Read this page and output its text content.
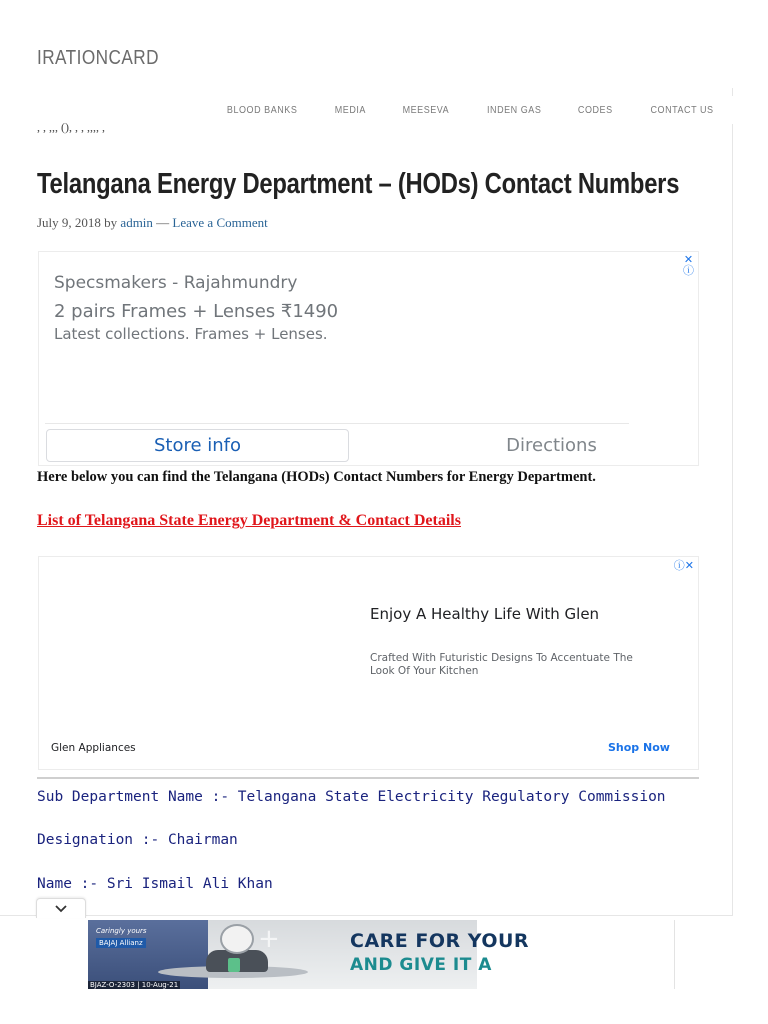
IRATIONCARD
BLOOD BANKS	MEDIA	MEESEVA	INDEN GAS	CODES	CONTACT US
, , ,,, (), , , ,,,, ,
Telangana Energy Department – (HODs) Contact Numbers
July 9, 2018 by admin — Leave a Comment
✕
ⓘ
Specsmakers - Rajahmundry
2 pairs Frames + Lenses ₹1490
Latest collections. Frames + Lenses.
Store info	Directions

Here below you can find the Telangana (HODs) Contact Numbers for Energy Department.

List of Telangana State Energy Department & Contact Details
ⓘ✕
Enjoy A Healthy Life With Glen
Crafted With Futuristic Designs To Accentuate The Look Of Your Kitchen
Glen Appliances	Shop Now
Sub Department Name :- Telangana State Electricity Regulatory Commission
Designation :- Chairman
Name :- Sri Ismail Ali Khan
Caringly yours
BAJAJ Allianz	+	CARE FOR YOUR
AND GIVE IT A
BJAZ-O-2303 | 10-Aug-21
